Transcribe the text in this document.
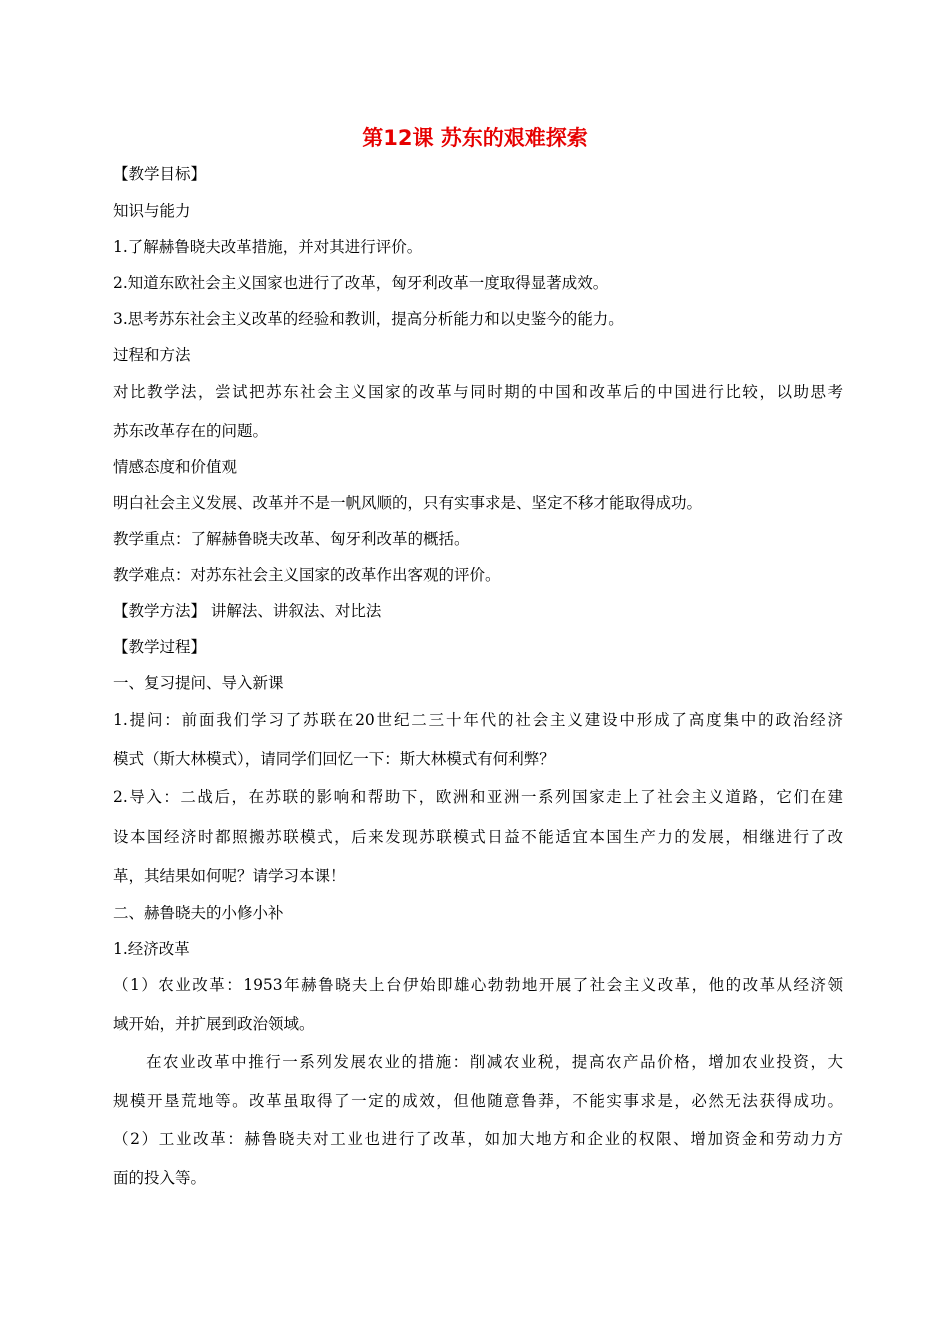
第12课 苏东的艰难探索
【教学目标】
知识与能力
1.了解赫鲁晓夫改革措施，并对其进行评价。
2.知道东欧社会主义国家也进行了改革，匈牙利改革一度取得显著成效。
3.思考苏东社会主义改革的经验和教训，提高分析能力和以史鉴今的能力。
过程和方法
对比教学法，尝试把苏东社会主义国家的改革与同时期的中国和改革后的中国进行比较，以助思考
苏东改革存在的问题。
情感态度和价值观
明白社会主义发展、改革并不是一帆风顺的，只有实事求是、坚定不移才能取得成功。
教学重点：了解赫鲁晓夫改革、匈牙利改革的概括。
教学难点：对苏东社会主义国家的改革作出客观的评价。
【教学方法】 讲解法、讲叙法、对比法
【教学过程】
一、复习提问、导入新课
1.提问：前面我们学习了苏联在20世纪二三十年代的社会主义建设中形成了高度集中的政治经济
模式（斯大林模式），请同学们回忆一下：斯大林模式有何利弊？
2.导入：二战后，在苏联的影响和帮助下，欧洲和亚洲一系列国家走上了社会主义道路，它们在建
设本国经济时都照搬苏联模式，后来发现苏联模式日益不能适宜本国生产力的发展，相继进行了改
革，其结果如何呢？请学习本课！
二、赫鲁晓夫的小修小补
1.经济改革
（1）农业改革：1953年赫鲁晓夫上台伊始即雄心勃勃地开展了社会主义改革，他的改革从经济领
域开始，并扩展到政治领域。
在农业改革中推行一系列发展农业的措施：削减农业税，提高农产品价格，增加农业投资，大
规模开垦荒地等。改革虽取得了一定的成效，但他随意鲁莽，不能实事求是，必然无法获得成功。
（2）工业改革：赫鲁晓夫对工业也进行了改革，如加大地方和企业的权限、增加资金和劳动力方
面的投入等。
